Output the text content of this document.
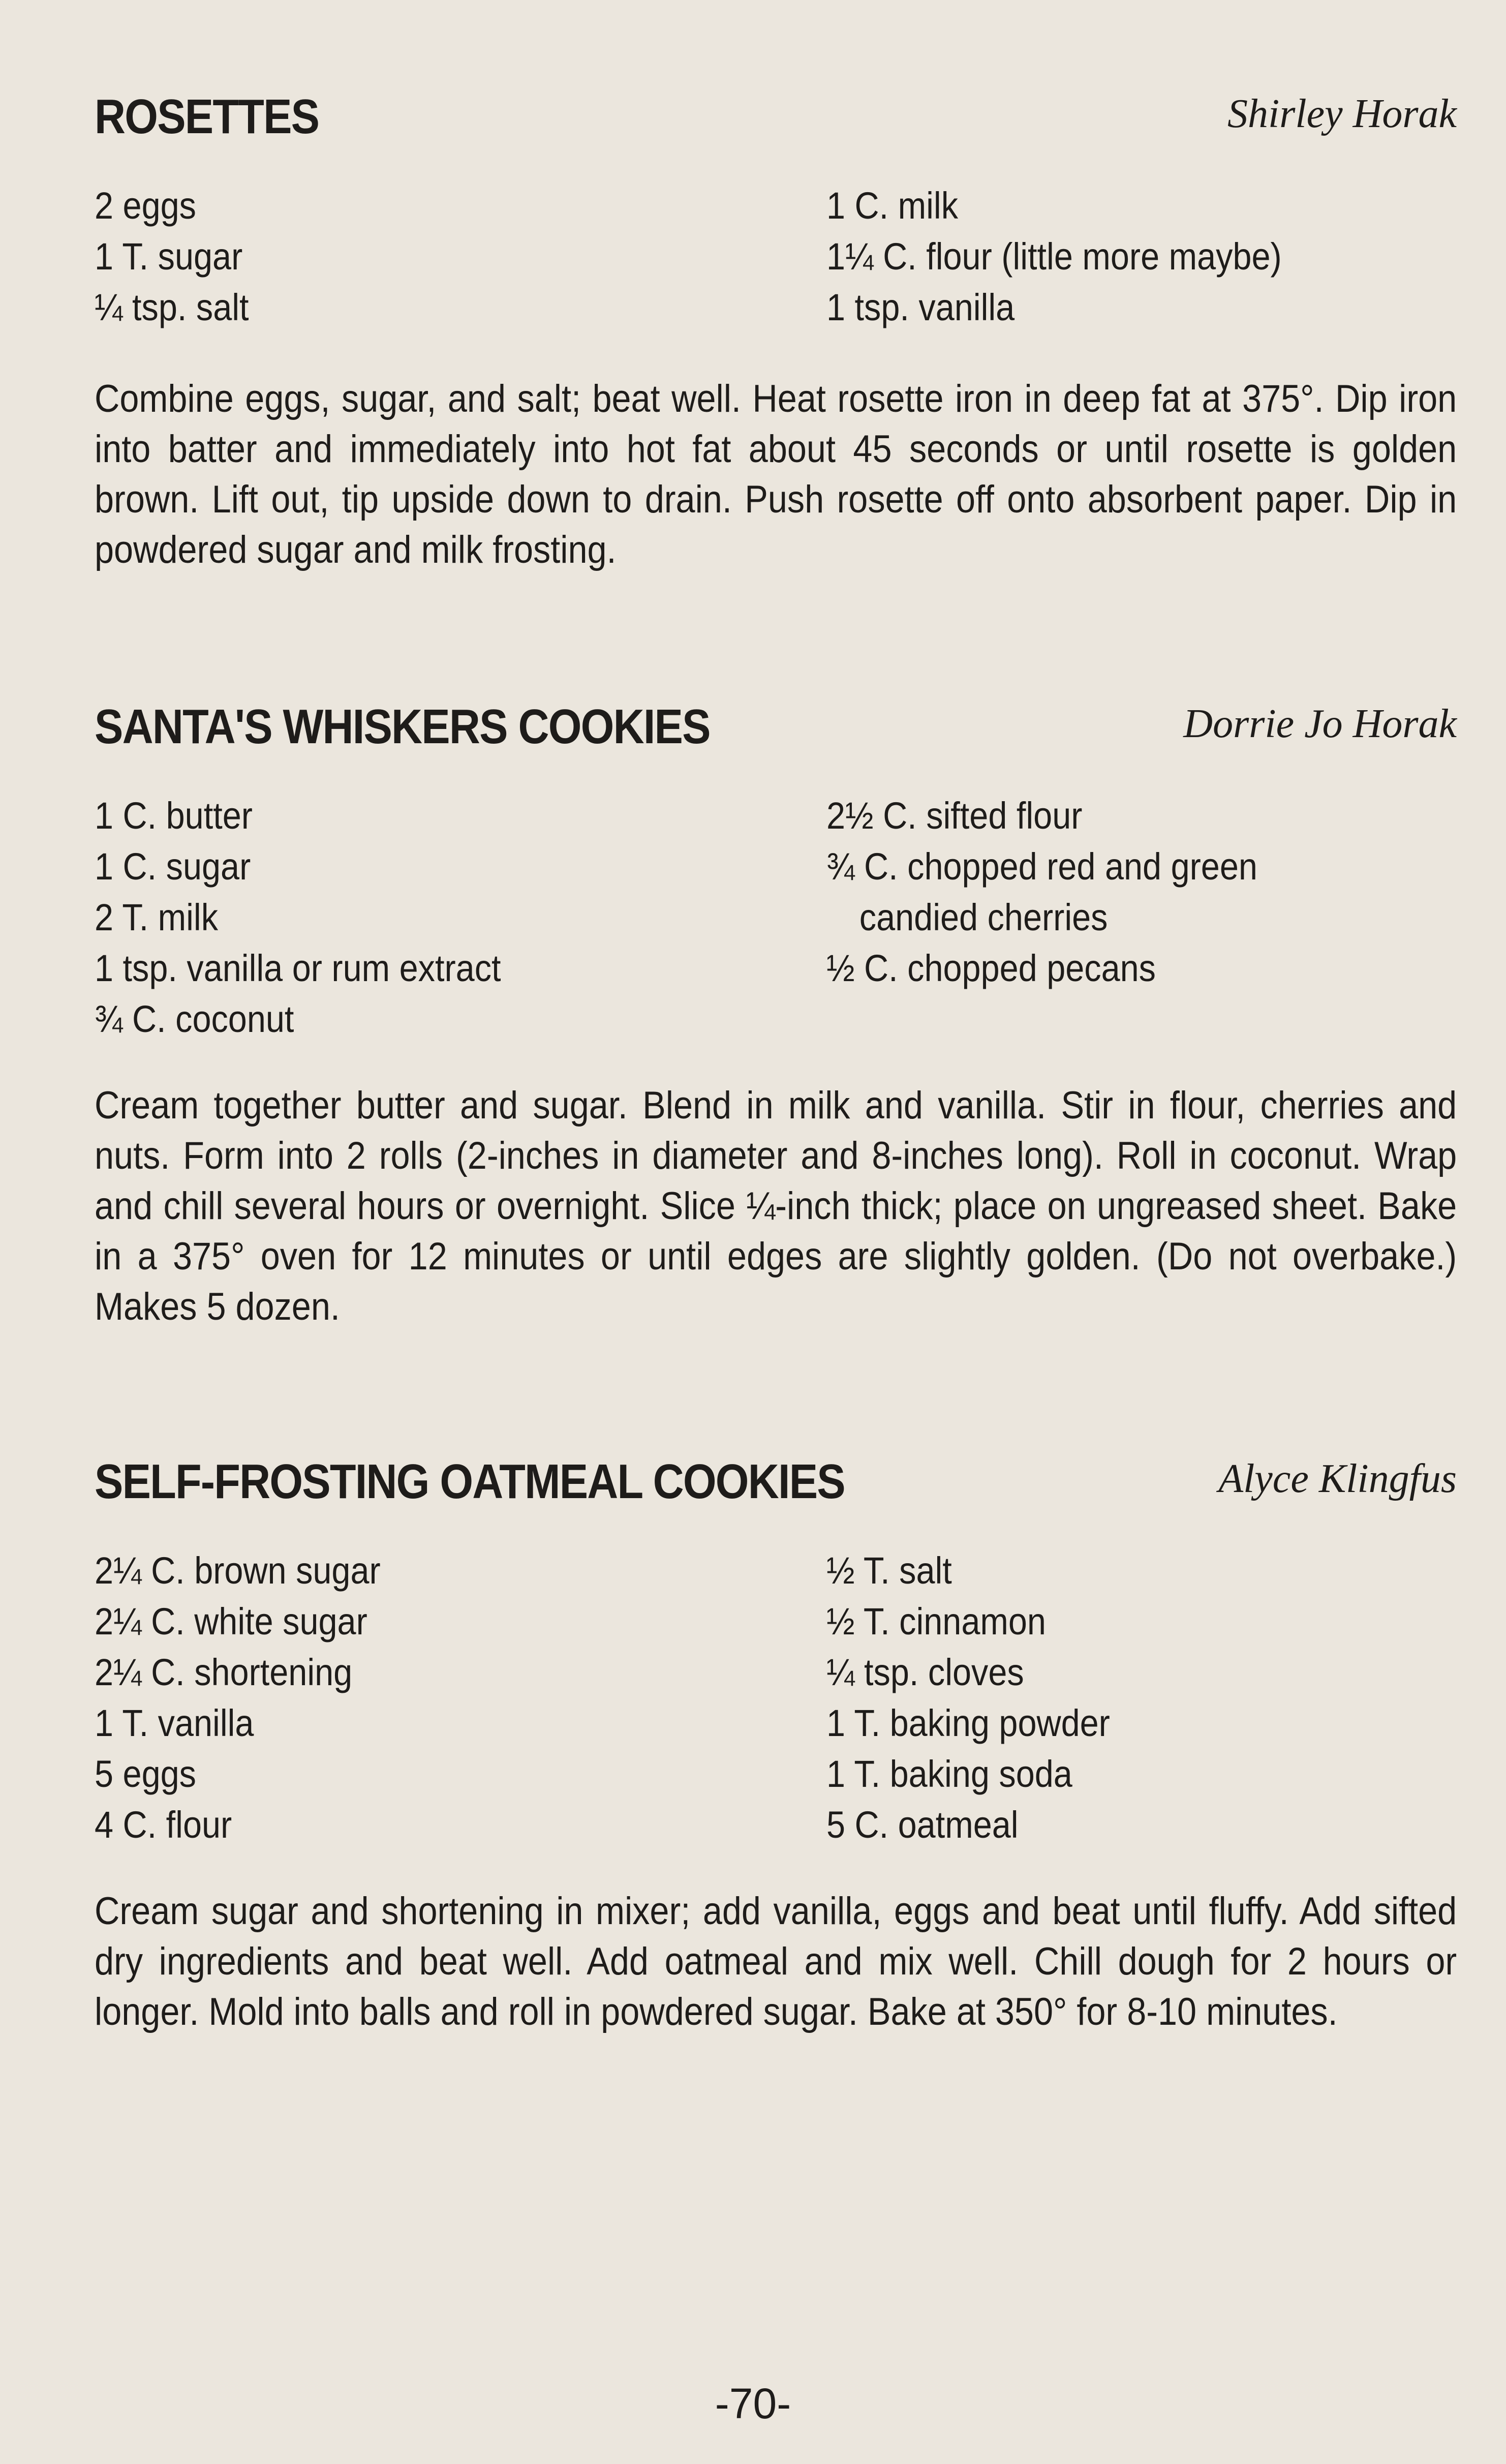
ROSETTES	Shirley Horak
2 eggs
1 T. sugar
¼ tsp. salt
1 C. milk
1¼ C. flour (little more maybe)
1 tsp. vanilla
Combine eggs, sugar, and salt; beat well. Heat rosette iron in deep fat at 375°. Dip iron into batter and immediately into hot fat about 45 seconds or until rosette is golden brown. Lift out, tip upside down to drain. Push rosette off onto absorbent paper. Dip in powdered sugar and milk frosting.
SANTA'S WHISKERS COOKIES	Dorrie Jo Horak
1 C. butter
1 C. sugar
2 T. milk
1 tsp. vanilla or rum extract
¾ C. coconut
2½ C. sifted flour
¾ C. chopped red and green
candied cherries
½ C. chopped pecans
Cream together butter and sugar. Blend in milk and vanilla. Stir in flour, cherries and nuts. Form into 2 rolls (2-inches in diameter and 8-inches long). Roll in coconut. Wrap and chill several hours or overnight. Slice ¼-inch thick; place on ungreased sheet. Bake in a 375° oven for 12 minutes or until edges are slightly golden. (Do not overbake.) Makes 5 dozen.
SELF-FROSTING OATMEAL COOKIES	Alyce Klingfus
2¼ C. brown sugar
2¼ C. white sugar
2¼ C. shortening
1 T. vanilla
5 eggs
4 C. flour
½ T. salt
½ T. cinnamon
¼ tsp. cloves
1 T. baking powder
1 T. baking soda
5 C. oatmeal
Cream sugar and shortening in mixer; add vanilla, eggs and beat until fluffy. Add sifted dry ingredients and beat well. Add oatmeal and mix well. Chill dough for 2 hours or longer. Mold into balls and roll in powdered sugar. Bake at 350° for 8-10 minutes.
-70-
